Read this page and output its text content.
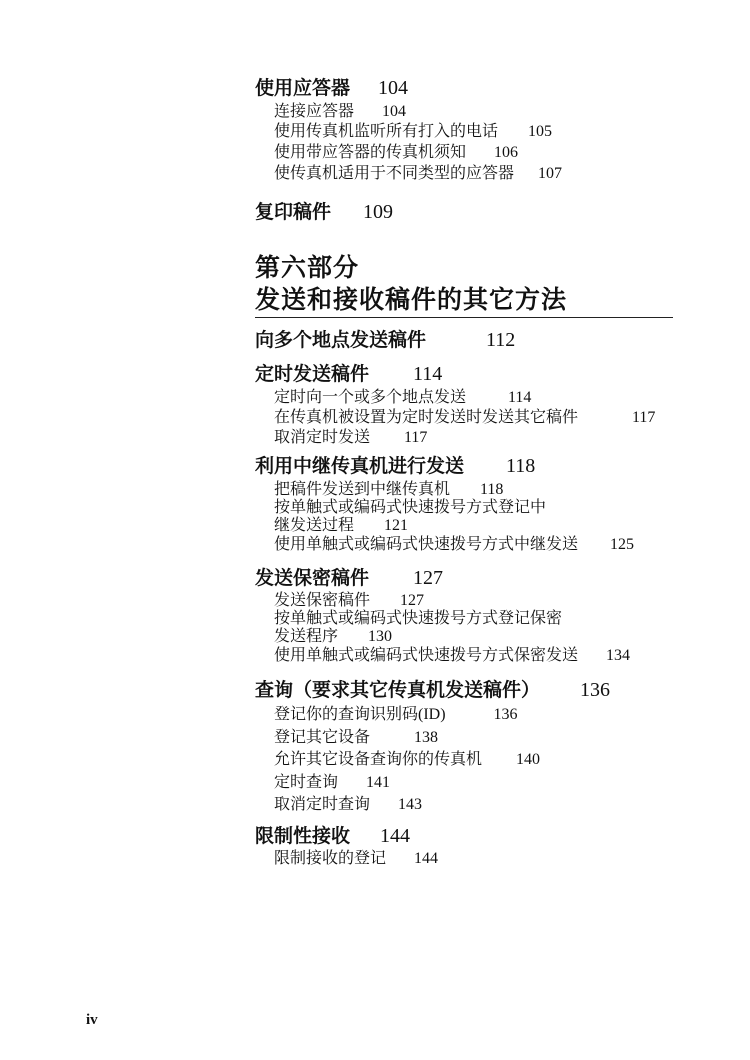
使用应答器 104
连接应答器 104
使用传真机监听所有打入的电话 105
使用带应答器的传真机须知 106
使传真机适用于不同类型的应答器 107
复印稿件 109
第六部分
发送和接收稿件的其它方法
向多个地点发送稿件	112
定时发送稿件 114
定时向一个或多个地点发送	114
在传真机被设置为定时发送时发送其它稿件	117
取消定时发送 117
利用中继传真机进行发送 118
把稿件发送到中继传真机 118
按单触式或编码式快速拨号方式登记中
继发送过程 121
使用单触式或编码式快速拨号方式中继发送 125
发送保密稿件 127
发送保密稿件 127
按单触式或编码式快速拨号方式登记保密
发送程序 130
使用单触式或编码式快速拨号方式保密发送 134
查询（要求其它传真机发送稿件） 136
登记你的查询识别码(ID)	136
登记其它设备	138
允许其它设备查询你的传真机 140
定时查询 141
取消定时查询 143
限制性接收 144
限制接收的登记 144
iv
